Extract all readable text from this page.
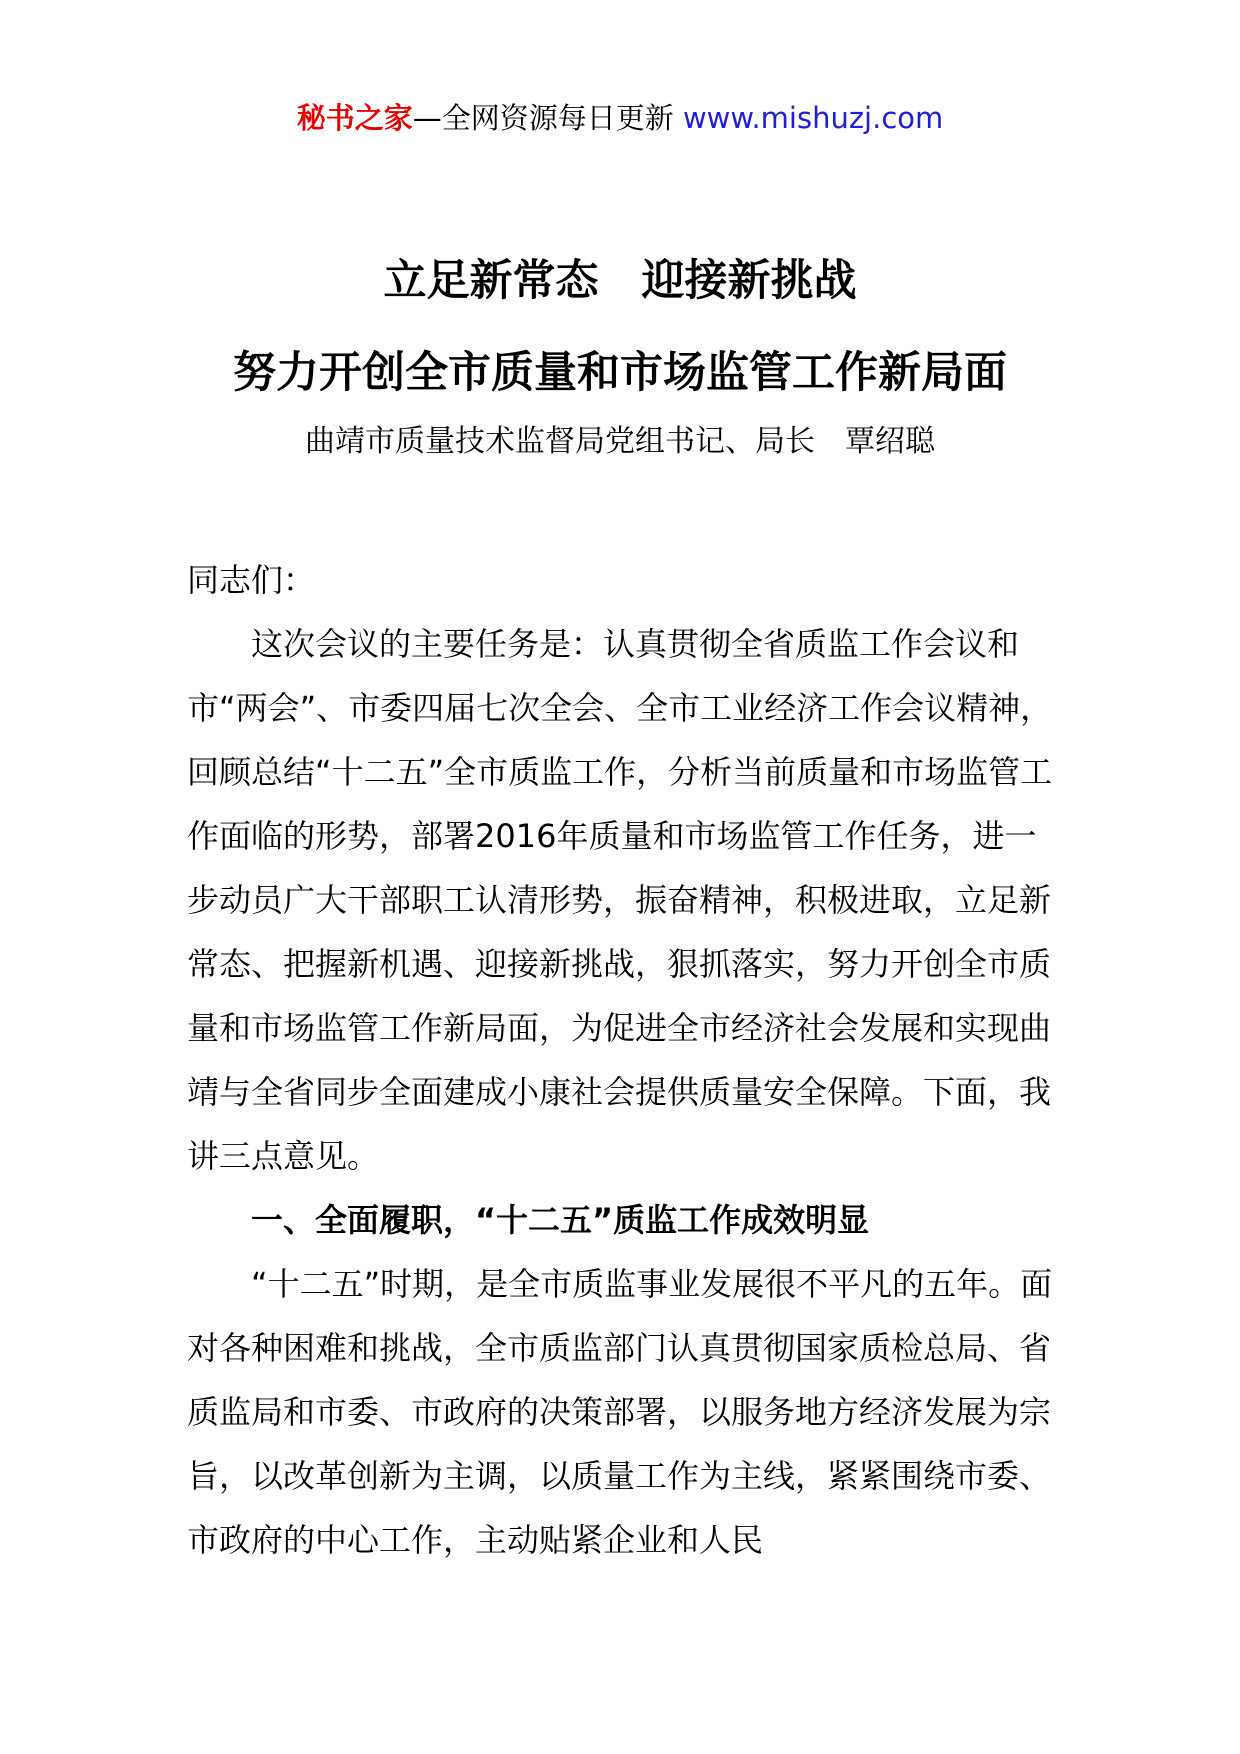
秘书之家—全网资源每日更新 www.mishuzj.com
立足新常态　迎接新挑战
努力开创全市质量和市场监管工作新局面
曲靖市质量技术监督局党组书记、局长　覃绍聪

同志们：

这次会议的主要任务是：认真贯彻全省质监工作会议和市“两会”、市委四届七次全会、全市工业经济工作会议精神，回顾总结“十二五”全市质监工作，分析当前质量和市场监管工作面临的形势，部署2016年质量和市场监管工作任务，进一步动员广大干部职工认清形势，振奋精神，积极进取，立足新常态、把握新机遇、迎接新挑战，狠抓落实，努力开创全市质量和市场监管工作新局面，为促进全市经济社会发展和实现曲靖与全省同步全面建成小康社会提供质量安全保障。下面，我讲三点意见。

一、全面履职，“十二五”质监工作成效明显

“十二五”时期，是全市质监事业发展很不平凡的五年。面对各种困难和挑战，全市质监部门认真贯彻国家质检总局、省质监局和市委、市政府的决策部署，以服务地方经济发展为宗旨，以改革创新为主调，以质量工作为主线，紧紧围绕市委、市政府的中心工作，主动贴紧企业和人民
